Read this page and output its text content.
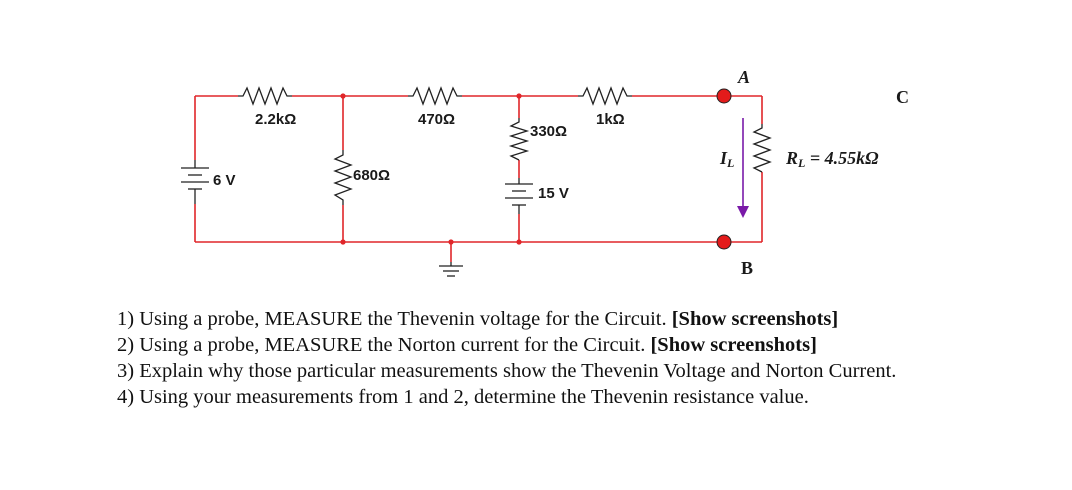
2.2kΩ	470Ω	1kΩ
330Ω
680Ω
6 V
15 V
A
B
C
IL	RL = 4.55kΩ
1) Using a probe, MEASURE the Thevenin voltage for the Circuit. [Show screenshots]
2) Using a probe, MEASURE the Norton current for the Circuit. [Show screenshots]
3) Explain why those particular measurements show the Thevenin Voltage and Norton Current.
4) Using your measurements from 1 and 2, determine the Thevenin resistance value.
